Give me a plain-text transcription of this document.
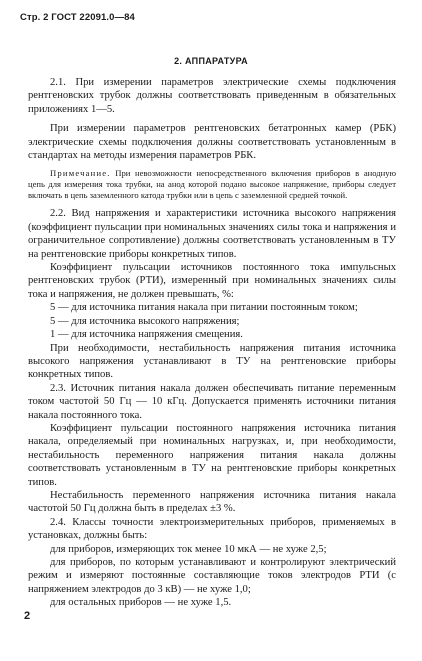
Стр. 2 ГОСТ 22091.0—84
2. АППАРАТУРА

2.1. При измерении параметров электрические схемы подключения рентгеновских трубок должны соответствовать приведенным в обязательных приложениях 1—5.

При измерении параметров рентгеновских бетатронных камер (РБК) электрические схемы подключения должны соответствовать установленным в стандартах на методы измерения параметров РБК.

Примечание. При невозможности непосредственного включения приборов в анодную цепь для измерения тока трубки, на анод которой подано высокое напряжение, приборы следует включать в цепь заземленного катода трубки или в цепь с заземленной средней точкой.

2.2. Вид напряжения и характеристики источника высокого напряжения (коэффициент пульсации при номинальных значениях силы тока и напряжения и ограничительное сопротивление) должны соответствовать установленным в ТУ на рентгеновские приборы конкретных типов.

Коэффициент пульсации источников постоянного тока импульсных рентгеновских трубок (РТИ), измеренный при номинальных значениях силы тока и напряжения, не должен превышать, %:

5 — для источника питания накала при питании постоянным током;

5 — для источника высокого напряжения;

1 — для источника напряжения смещения.

При необходимости, нестабильность напряжения питания источника высокого напряжения устанавливают в ТУ на рентгеновские приборы конкретных типов.

2.3. Источник питания накала должен обеспечивать питание переменным током частотой 50 Гц — 10 кГц. Допускается применять источники питания накала постоянного тока.

Коэффициент пульсации постоянного напряжения источника питания накала, определяемый при номинальных нагрузках, и, при необходимости, нестабильность переменного напряжения питания накала должны соответствовать установленным в ТУ на рентгеновские приборы конкретных типов.

Нестабильность переменного напряжения источника питания накала частотой 50 Гц должна быть в пределах ±3 %.

2.4. Классы точности электроизмерительных приборов, применяемых в установках, должны быть:

для приборов, измеряющих ток менее 10 мкА — не хуже 2,5;

для приборов, по которым устанавливают и контролируют электрический режим и измеряют постоянные составляющие токов электродов РТИ (с напряжением электродов до 3 кВ) — не хуже 1,0;

для остальных приборов — не хуже 1,5.

2
